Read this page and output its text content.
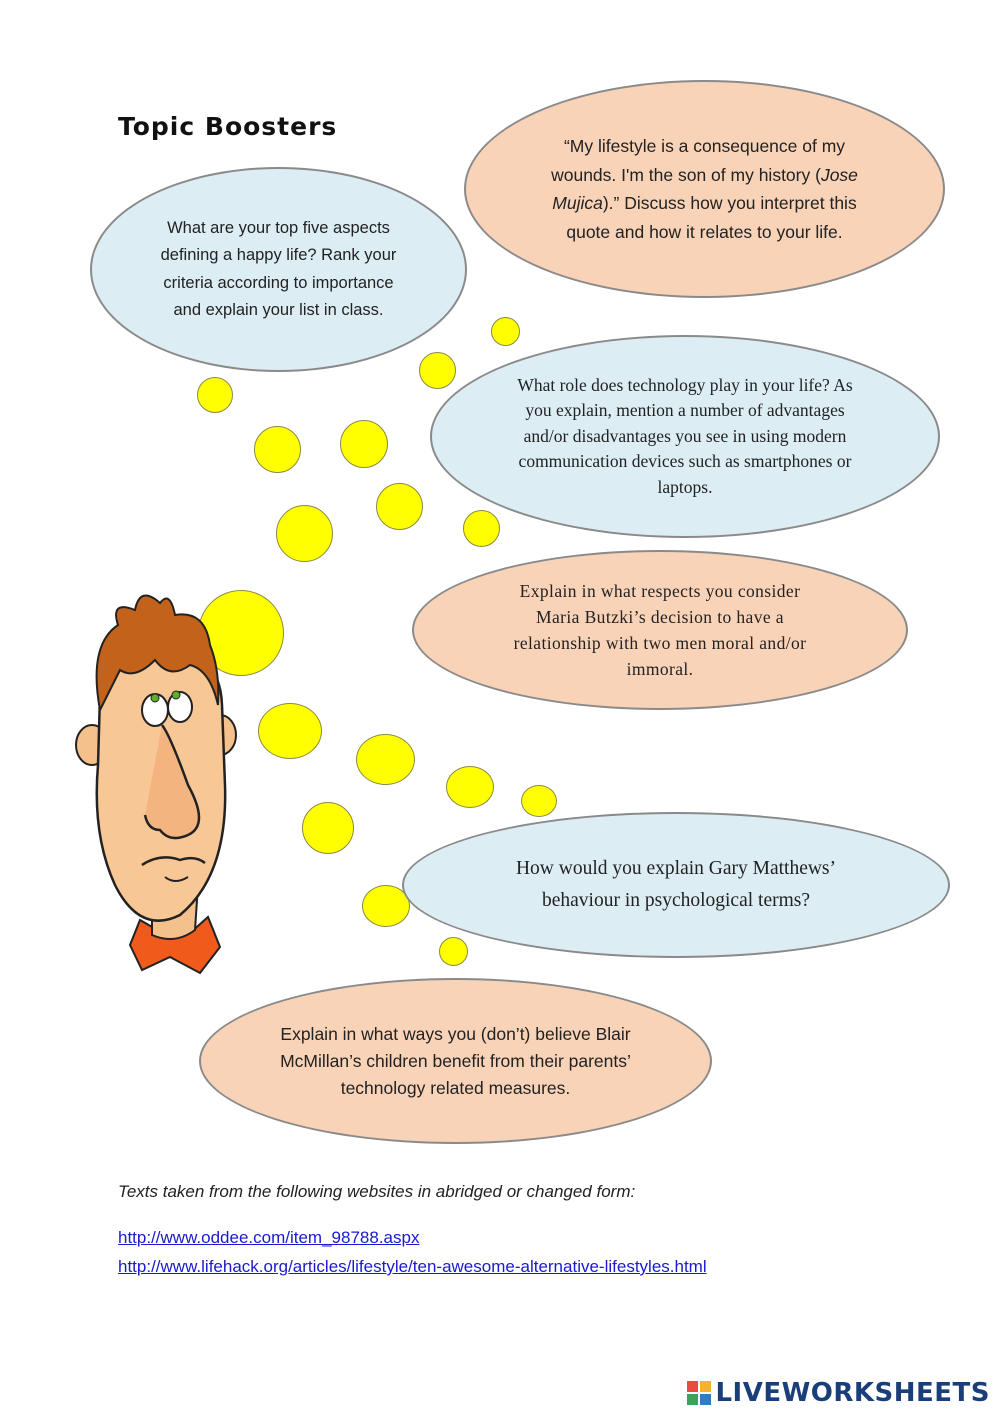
Topic Boosters

What are your top five aspects defining a happy life? Rank your criteria according to importance and explain your list in class.

“My lifestyle is a consequence of my wounds. I'm the son of my history (Jose Mujica).” Discuss how you interpret this quote and how it relates to your life.

What role does technology play in your life? As you explain, mention a number of advantages and/or disadvantages you see in using modern communication devices such as smartphones or laptops.

Explain in what respects you consider Maria Butzki’s decision to have a relationship with two men moral and/or immoral.

How would you explain Gary Matthews’ behaviour in psychological terms?

Explain in what ways you (don’t) believe Blair McMillan’s children benefit from their parents’ technology related measures.

Texts taken from the following websites in abridged or changed form:
http://www.oddee.com/item_98788.aspx
http://www.lifehack.org/articles/lifestyle/ten-awesome-alternative-lifestyles.html
LIVEWORKSHEETS
